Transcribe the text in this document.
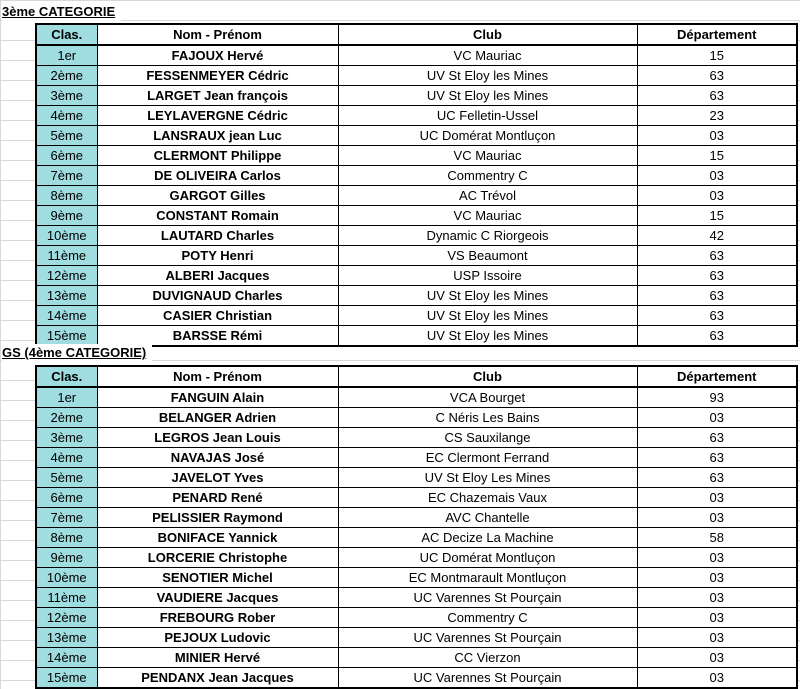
3ème CATEGORIE
Clas.	Nom - Prénom	Club	Département
1er	FAJOUX Hervé	VC Mauriac	15
2ème	FESSENMEYER Cédric	UV St Eloy les Mines	63
3ème	LARGET Jean françois	UV St Eloy les Mines	63
4ème	LEYLAVERGNE Cédric	UC Felletin-Ussel	23
5ème	LANSRAUX jean Luc	UC Domérat Montluçon	03
6ème	CLERMONT Philippe	VC Mauriac	15
7ème	DE OLIVEIRA Carlos	Commentry C	03
8ème	GARGOT Gilles	AC Trévol	03
9ème	CONSTANT Romain	VC Mauriac	15
10ème	LAUTARD Charles	Dynamic C Riorgeois	42
11ème	POTY Henri	VS Beaumont	63
12ème	ALBERI Jacques	USP Issoire	63
13ème	DUVIGNAUD Charles	UV St Eloy les Mines	63
14ème	CASIER Christian	UV St Eloy les Mines	63
15ème	BARSSE Rémi	UV St Eloy les Mines	63
GS (4ème CATEGORIE)
Clas.	Nom - Prénom	Club	Département
1er	FANGUIN Alain	VCA Bourget	93
2ème	BELANGER Adrien	C Néris Les Bains	03
3ème	LEGROS Jean Louis	CS Sauxilange	63
4ème	NAVAJAS José	EC Clermont Ferrand	63
5ème	JAVELOT Yves	UV St Eloy Les Mines	63
6ème	PENARD René	EC Chazemais Vaux	03
7ème	PELISSIER Raymond	AVC Chantelle	03
8ème	BONIFACE Yannick	AC Decize La Machine	58
9ème	LORCERIE Christophe	UC Domérat Montluçon	03
10ème	SENOTIER Michel	EC Montmarault Montluçon	03
11ème	VAUDIERE Jacques	UC Varennes St Pourçain	03
12ème	FREBOURG Rober	Commentry C	03
13ème	PEJOUX Ludovic	UC Varennes St Pourçain	03
14ème	MINIER Hervé	CC Vierzon	03
15ème	PENDANX Jean Jacques	UC Varennes St Pourçain	03
